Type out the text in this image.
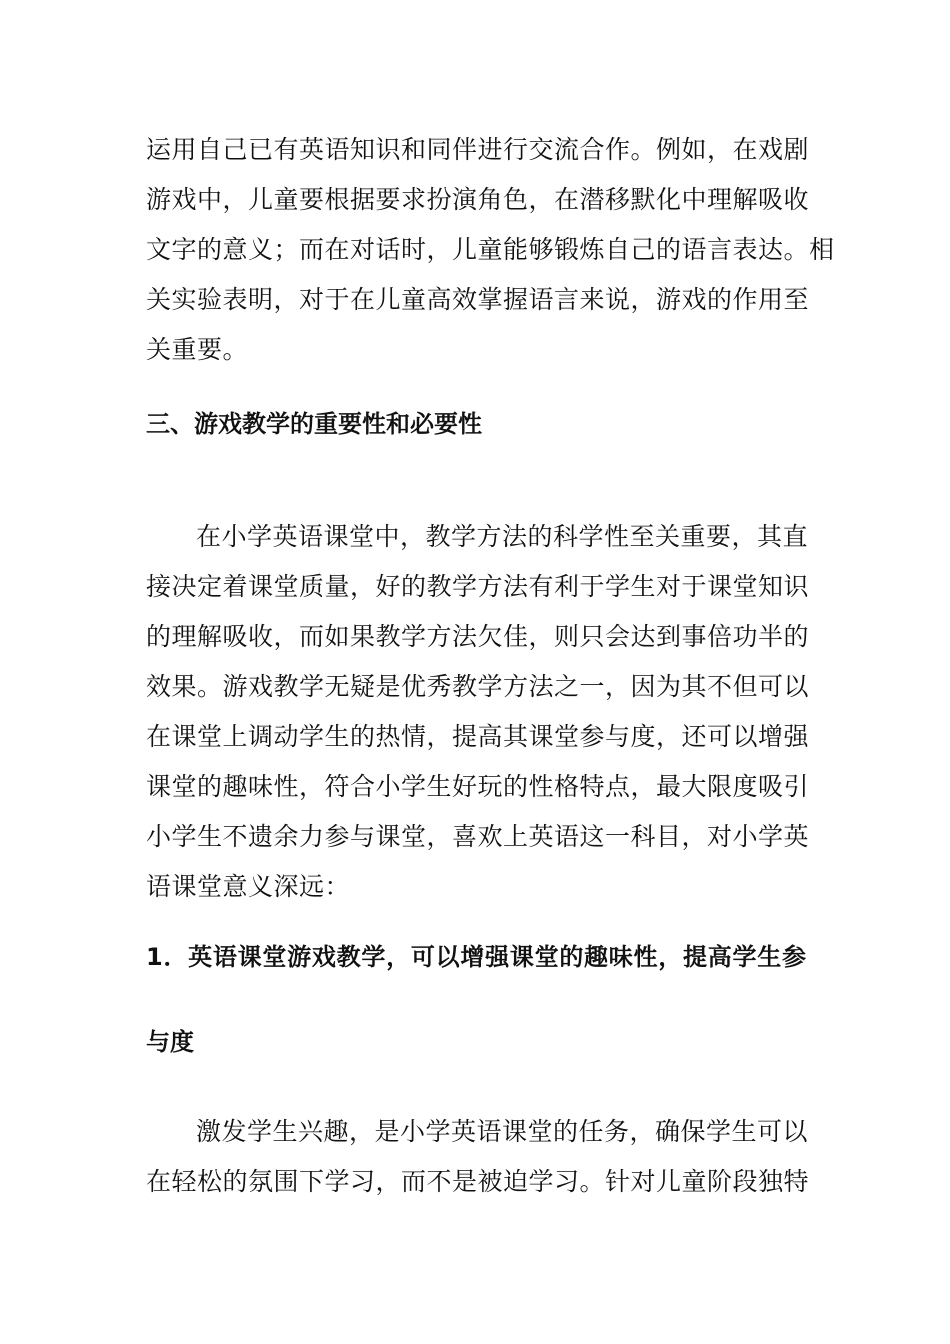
运用自己已有英语知识和同伴进行交流合作。例如，在戏剧
游戏中，儿童要根据要求扮演角色，在潜移默化中理解吸收
文字的意义；而在对话时，儿童能够锻炼自己的语言表达。相
关实验表明，对于在儿童高效掌握语言来说，游戏的作用至
关重要。
三、游戏教学的重要性和必要性
在小学英语课堂中，教学方法的科学性至关重要，其直
接决定着课堂质量，好的教学方法有利于学生对于课堂知识
的理解吸收，而如果教学方法欠佳，则只会达到事倍功半的
效果。游戏教学无疑是优秀教学方法之一，因为其不但可以
在课堂上调动学生的热情，提高其课堂参与度，还可以增强
课堂的趣味性，符合小学生好玩的性格特点，最大限度吸引
小学生不遗余力参与课堂，喜欢上英语这一科目，对小学英
语课堂意义深远：
1．英语课堂游戏教学，可以增强课堂的趣味性，提高学生参
与度
激发学生兴趣，是小学英语课堂的任务，确保学生可以
在轻松的氛围下学习，而不是被迫学习。针对儿童阶段独特
